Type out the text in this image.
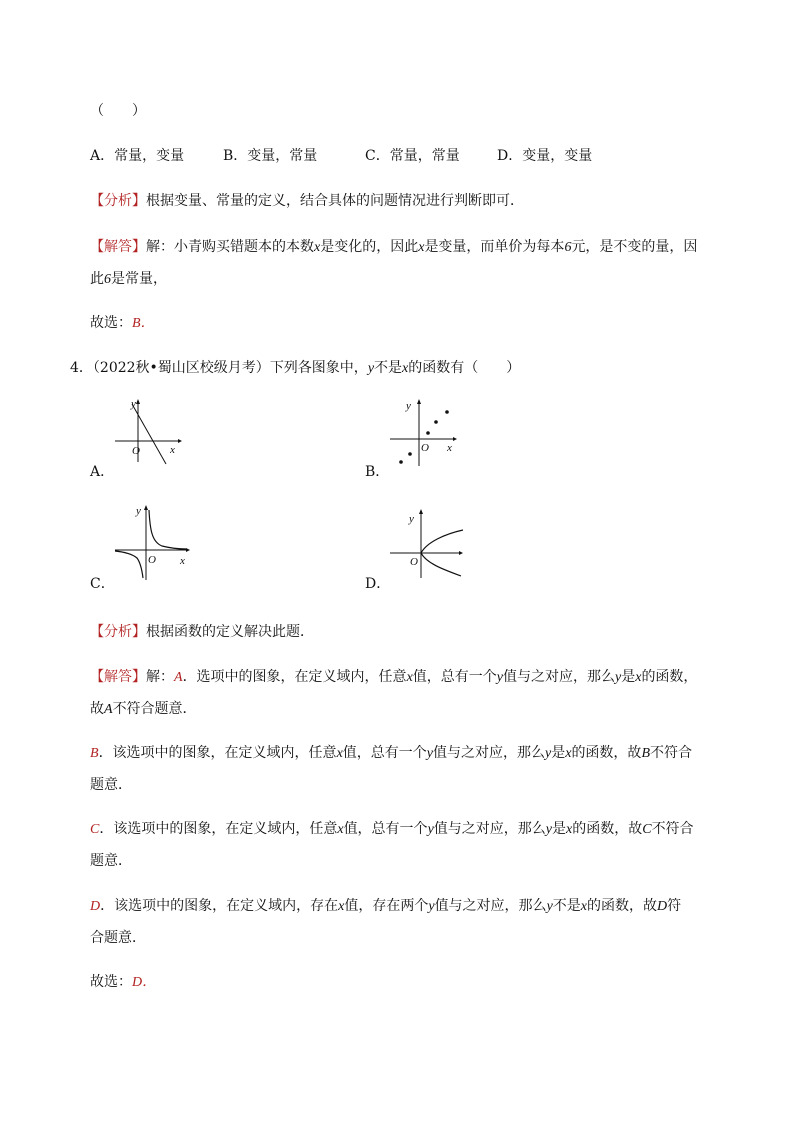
（　　）
A．常量，变量	B．变量，常量	C．常量，常量	D．变量，变量
【分析】根据变量、常量的定义，结合具体的问题情况进行判断即可．
【解答】解：小青购买错题本的本数x是变化的，因此x是变量，而单价为每本6元，是不变的量，因
此6是常量，
故选：B．
4．（2022秋•蜀山区校级月考）下列各图象中，y不是x的函数有（　　）
A．
y
x
O
B．
y
x
O
C．
y
x
O
D．
y
O
【分析】根据函数的定义解决此题．
【解答】解：A．选项中的图象，在定义域内，任意x值，总有一个y值与之对应，那么y是x的函数，
故A不符合题意．
B．该选项中的图象，在定义域内，任意x值，总有一个y值与之对应，那么y是x的函数，故B不符合
题意．
C．该选项中的图象，在定义域内，任意x值，总有一个y值与之对应，那么y是x的函数，故C不符合
题意．
D．该选项中的图象，在定义域内，存在x值，存在两个y值与之对应，那么y不是x的函数，故D符
合题意．
故选：D．
